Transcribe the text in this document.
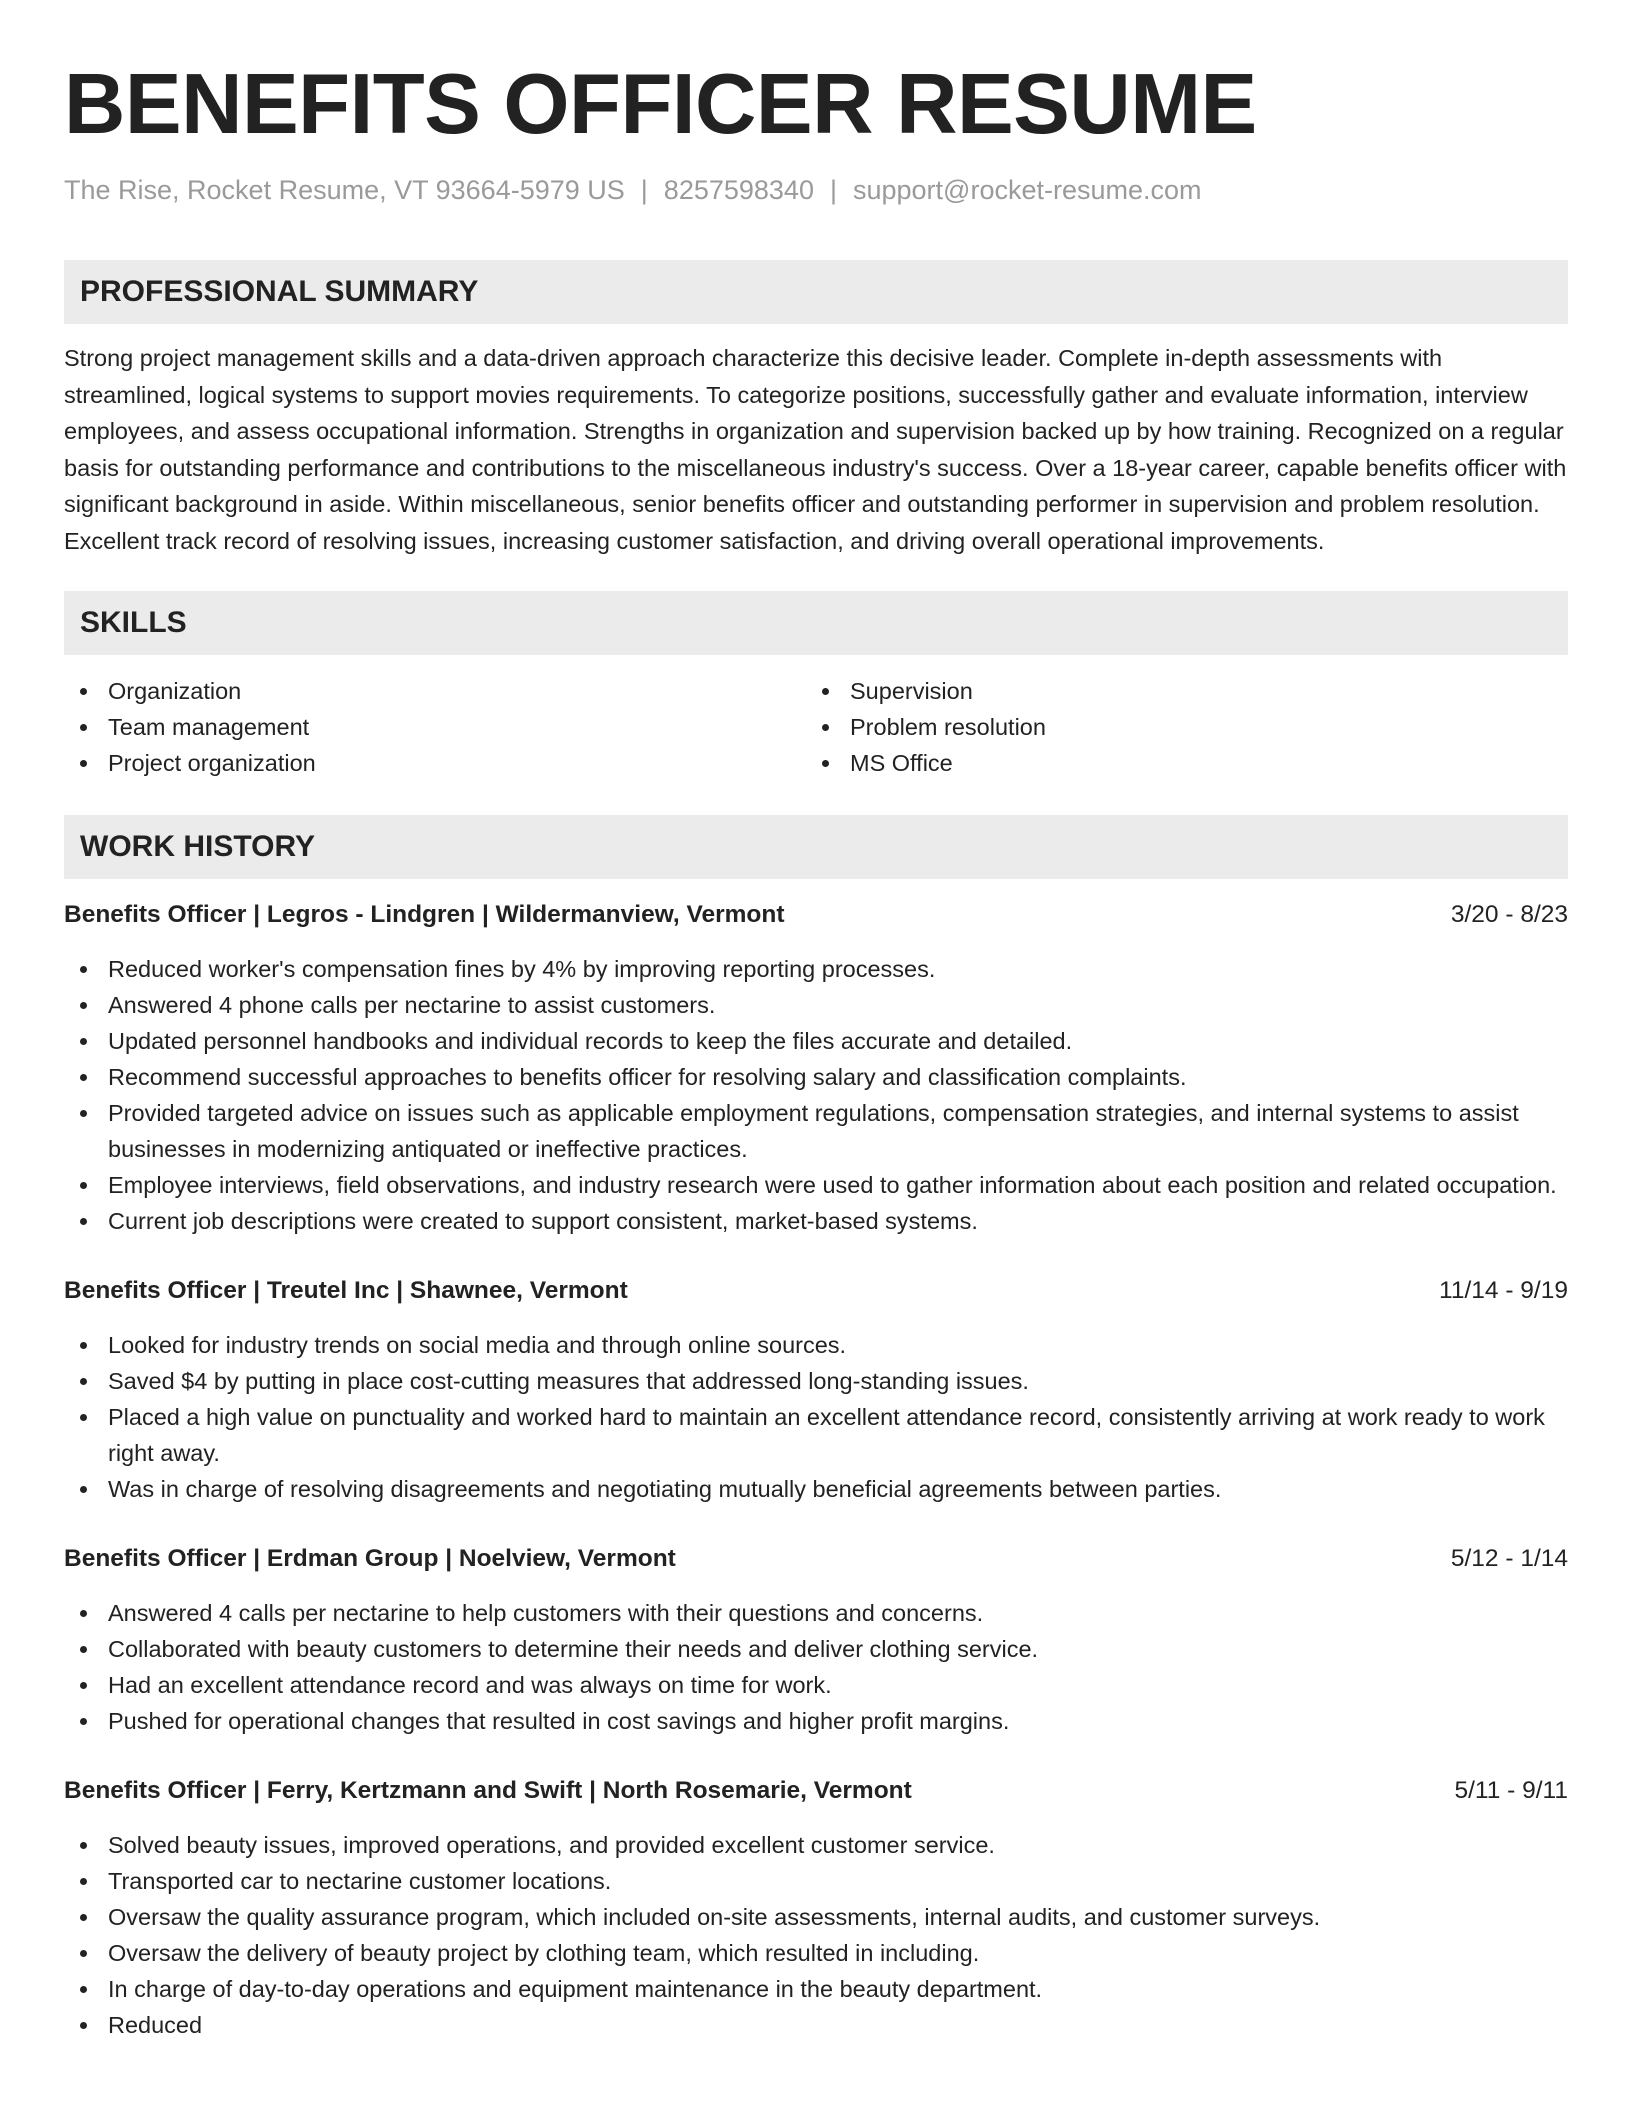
BENEFITS OFFICER RESUME
The Rise, Rocket Resume, VT 93664-5979 US | 8257598340 | support@rocket-resume.com
PROFESSIONAL SUMMARY

Strong project management skills and a data-driven approach characterize this decisive leader. Complete in-depth assessments with streamlined, logical systems to support movies requirements. To categorize positions, successfully gather and evaluate information, interview employees, and assess occupational information. Strengths in organization and supervision backed up by how training. Recognized on a regular basis for outstanding performance and contributions to the miscellaneous industry's success. Over a 18-year career, capable benefits officer with significant background in aside. Within miscellaneous, senior benefits officer and outstanding performer in supervision and problem resolution. Excellent track record of resolving issues, increasing customer satisfaction, and driving overall operational improvements.

SKILLS
Organization
Team management
Project organization
Supervision
Problem resolution
MS Office
WORK HISTORY
Benefits Officer | Legros - Lindgren | Wildermanview, Vermont	3/20 - 8/23
Reduced worker's compensation fines by 4% by improving reporting processes.
Answered 4 phone calls per nectarine to assist customers.
Updated personnel handbooks and individual records to keep the files accurate and detailed.
Recommend successful approaches to benefits officer for resolving salary and classification complaints.
Provided targeted advice on issues such as applicable employment regulations, compensation strategies, and internal systems to assist businesses in modernizing antiquated or ineffective practices.
Employee interviews, field observations, and industry research were used to gather information about each position and related occupation.
Current job descriptions were created to support consistent, market-based systems.
Benefits Officer | Treutel Inc | Shawnee, Vermont	11/14 - 9/19
Looked for industry trends on social media and through online sources.
Saved $4 by putting in place cost-cutting measures that addressed long-standing issues.
Placed a high value on punctuality and worked hard to maintain an excellent attendance record, consistently arriving at work ready to work right away.
Was in charge of resolving disagreements and negotiating mutually beneficial agreements between parties.
Benefits Officer | Erdman Group | Noelview, Vermont	5/12 - 1/14
Answered 4 calls per nectarine to help customers with their questions and concerns.
Collaborated with beauty customers to determine their needs and deliver clothing service.
Had an excellent attendance record and was always on time for work.
Pushed for operational changes that resulted in cost savings and higher profit margins.
Benefits Officer | Ferry, Kertzmann and Swift | North Rosemarie, Vermont	5/11 - 9/11
Solved beauty issues, improved operations, and provided excellent customer service.
Transported car to nectarine customer locations.
Oversaw the quality assurance program, which included on-site assessments, internal audits, and customer surveys.
Oversaw the delivery of beauty project by clothing team, which resulted in including.
In charge of day-to-day operations and equipment maintenance in the beauty department.
Reduced
